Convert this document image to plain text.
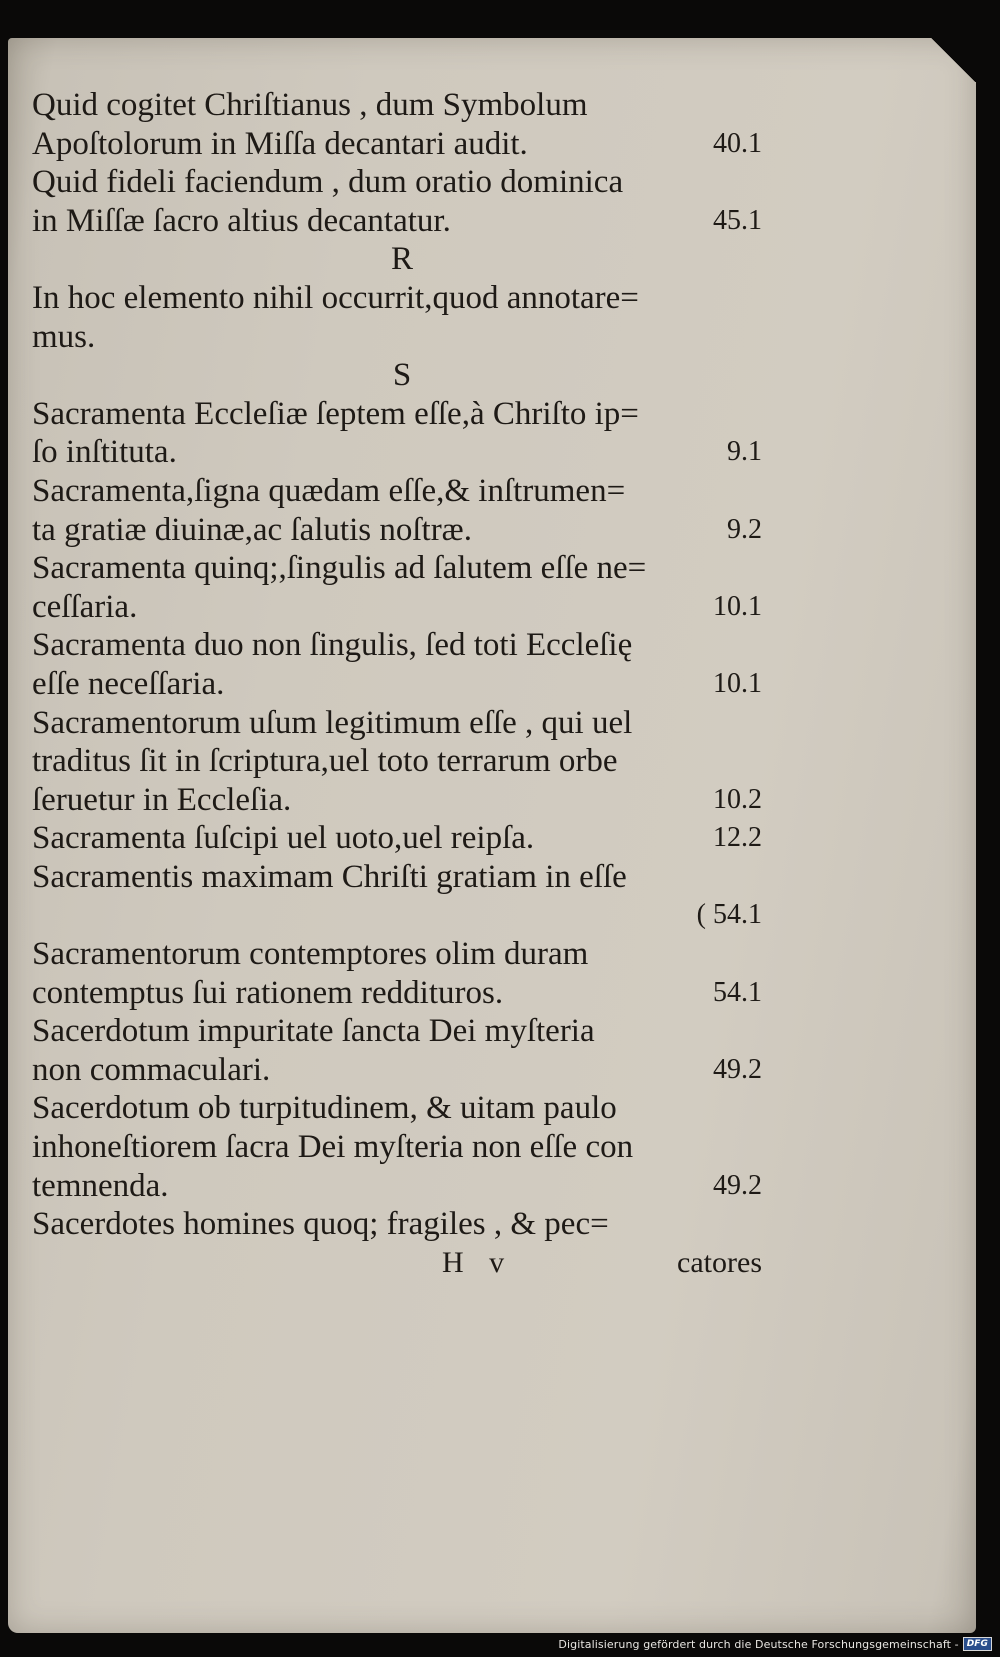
Quid cogitet Chriſtianus , dum Symbolum
Apoſtolorum in Miſſa decantari audit.	40.1
Quid fideli faciendum , dum oratio dominica
in Miſſæ ſacro altius decantatur.	45.1
R
In hoc elemento nihil occurrit,quod annotare=
mus.
S
Sacramenta Eccleſiæ ſeptem eſſe,à Chriſto ip=
ſo inſtituta.	9.1
Sacramenta,ſigna quædam eſſe,& inſtrumen=
ta gratiæ diuinæ,ac ſalutis noſtræ.	9.2
Sacramenta quinq;,ſingulis ad ſalutem eſſe ne=
ceſſaria.	10.1
Sacramenta duo non ſingulis, ſed toti Eccleſię
eſſe neceſſaria.	10.1
Sacramentorum uſum legitimum eſſe , qui uel
traditus ſit in ſcriptura,uel toto terrarum orbe
ſeruetur in Eccleſia.	10.2
Sacramenta ſuſcipi uel uoto,uel reipſa.	12.2
Sacramentis maximam Chriſti gratiam in eſſe
( 54.1
Sacramentorum contemptores olim duram
contemptus ſui rationem reddituros.	54.1
Sacerdotum impuritate ſancta Dei myſteria
non commaculari.	49.2
Sacerdotum ob turpitudinem, & uitam paulo
inhoneſtiorem ſacra Dei myſteria non eſſe con
temnenda.	49.2
Sacerdotes homines quoq; fragiles , & pec=
H v	catores
Digitalisierung gefördert durch die Deutsche Forschungsgemeinschaft - DFG
